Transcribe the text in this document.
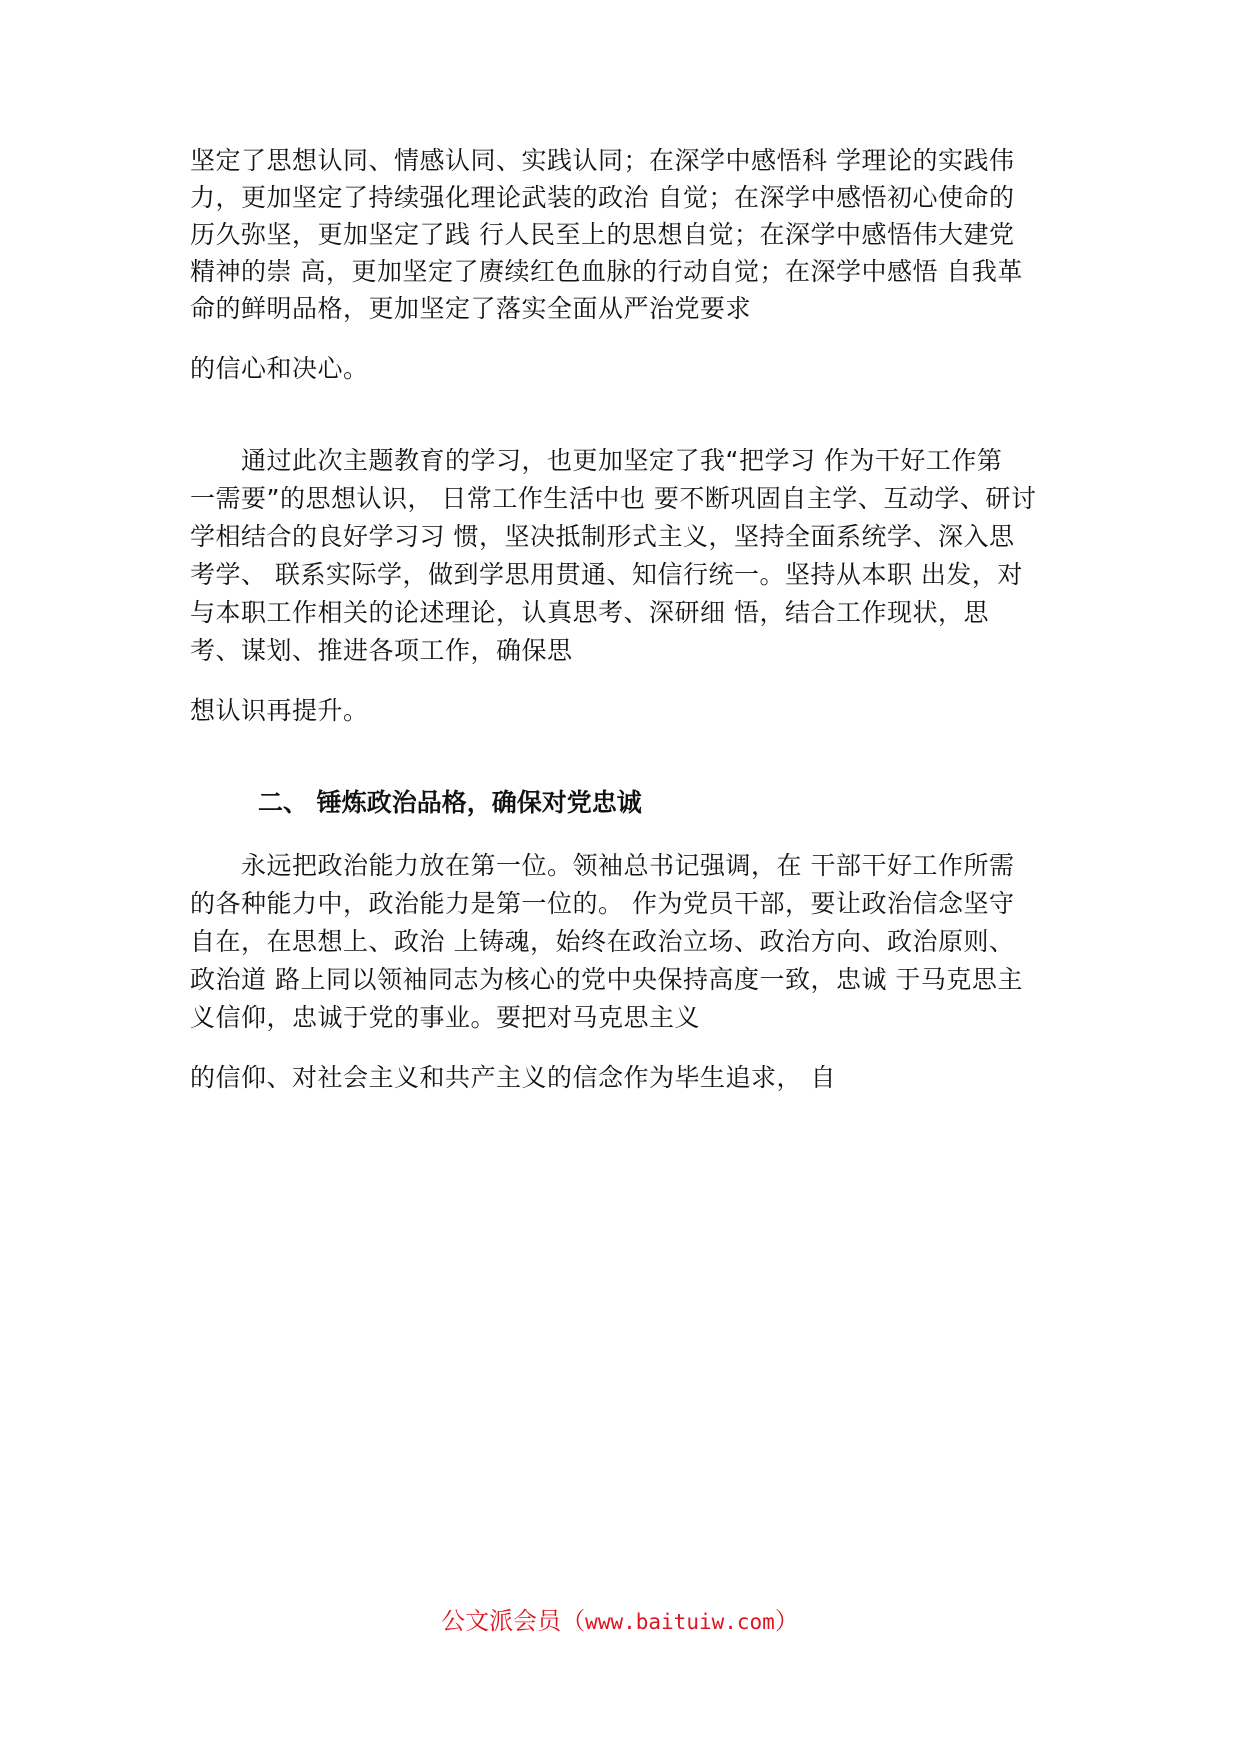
坚定了思想认同、情感认同、实践认同；在深学中感悟科 学理论的实践伟
力，更加坚定了持续强化理论武装的政治 自觉；在深学中感悟初心使命的
历久弥坚，更加坚定了践 行人民至上的思想自觉；在深学中感悟伟大建党
精神的崇 高，更加坚定了赓续红色血脉的行动自觉；在深学中感悟 自我革
命的鲜明品格，更加坚定了落实全面从严治党要求
的信心和决心。
　　通过此次主题教育的学习，也更加坚定了我“把学习 作为干好工作第
一需要”的思想认识， 日常工作生活中也 要不断巩固自主学、互动学、研讨
学相结合的良好学习习 惯，坚决抵制形式主义，坚持全面系统学、深入思
考学、 联系实际学，做到学思用贯通、知信行统一。坚持从本职 出发，对
与本职工作相关的论述理论，认真思考、深研细 悟，结合工作现状，思
考、谋划、推进各项工作，确保思
想认识再提升。
二、 锤炼政治品格，确保对党忠诚
　　永远把政治能力放在第一位。领袖总书记强调，在 干部干好工作所需
的各种能力中，政治能力是第一位的。 作为党员干部，要让政治信念坚守
自在，在思想上、政治 上铸魂，始终在政治立场、政治方向、政治原则、
政治道 路上同以领袖同志为核心的党中央保持高度一致，忠诚 于马克思主
义信仰，忠诚于党的事业。要把对马克思主义
的信仰、对社会主义和共产主义的信念作为毕生追求， 自
公文派会员（www.baituiw.com）
